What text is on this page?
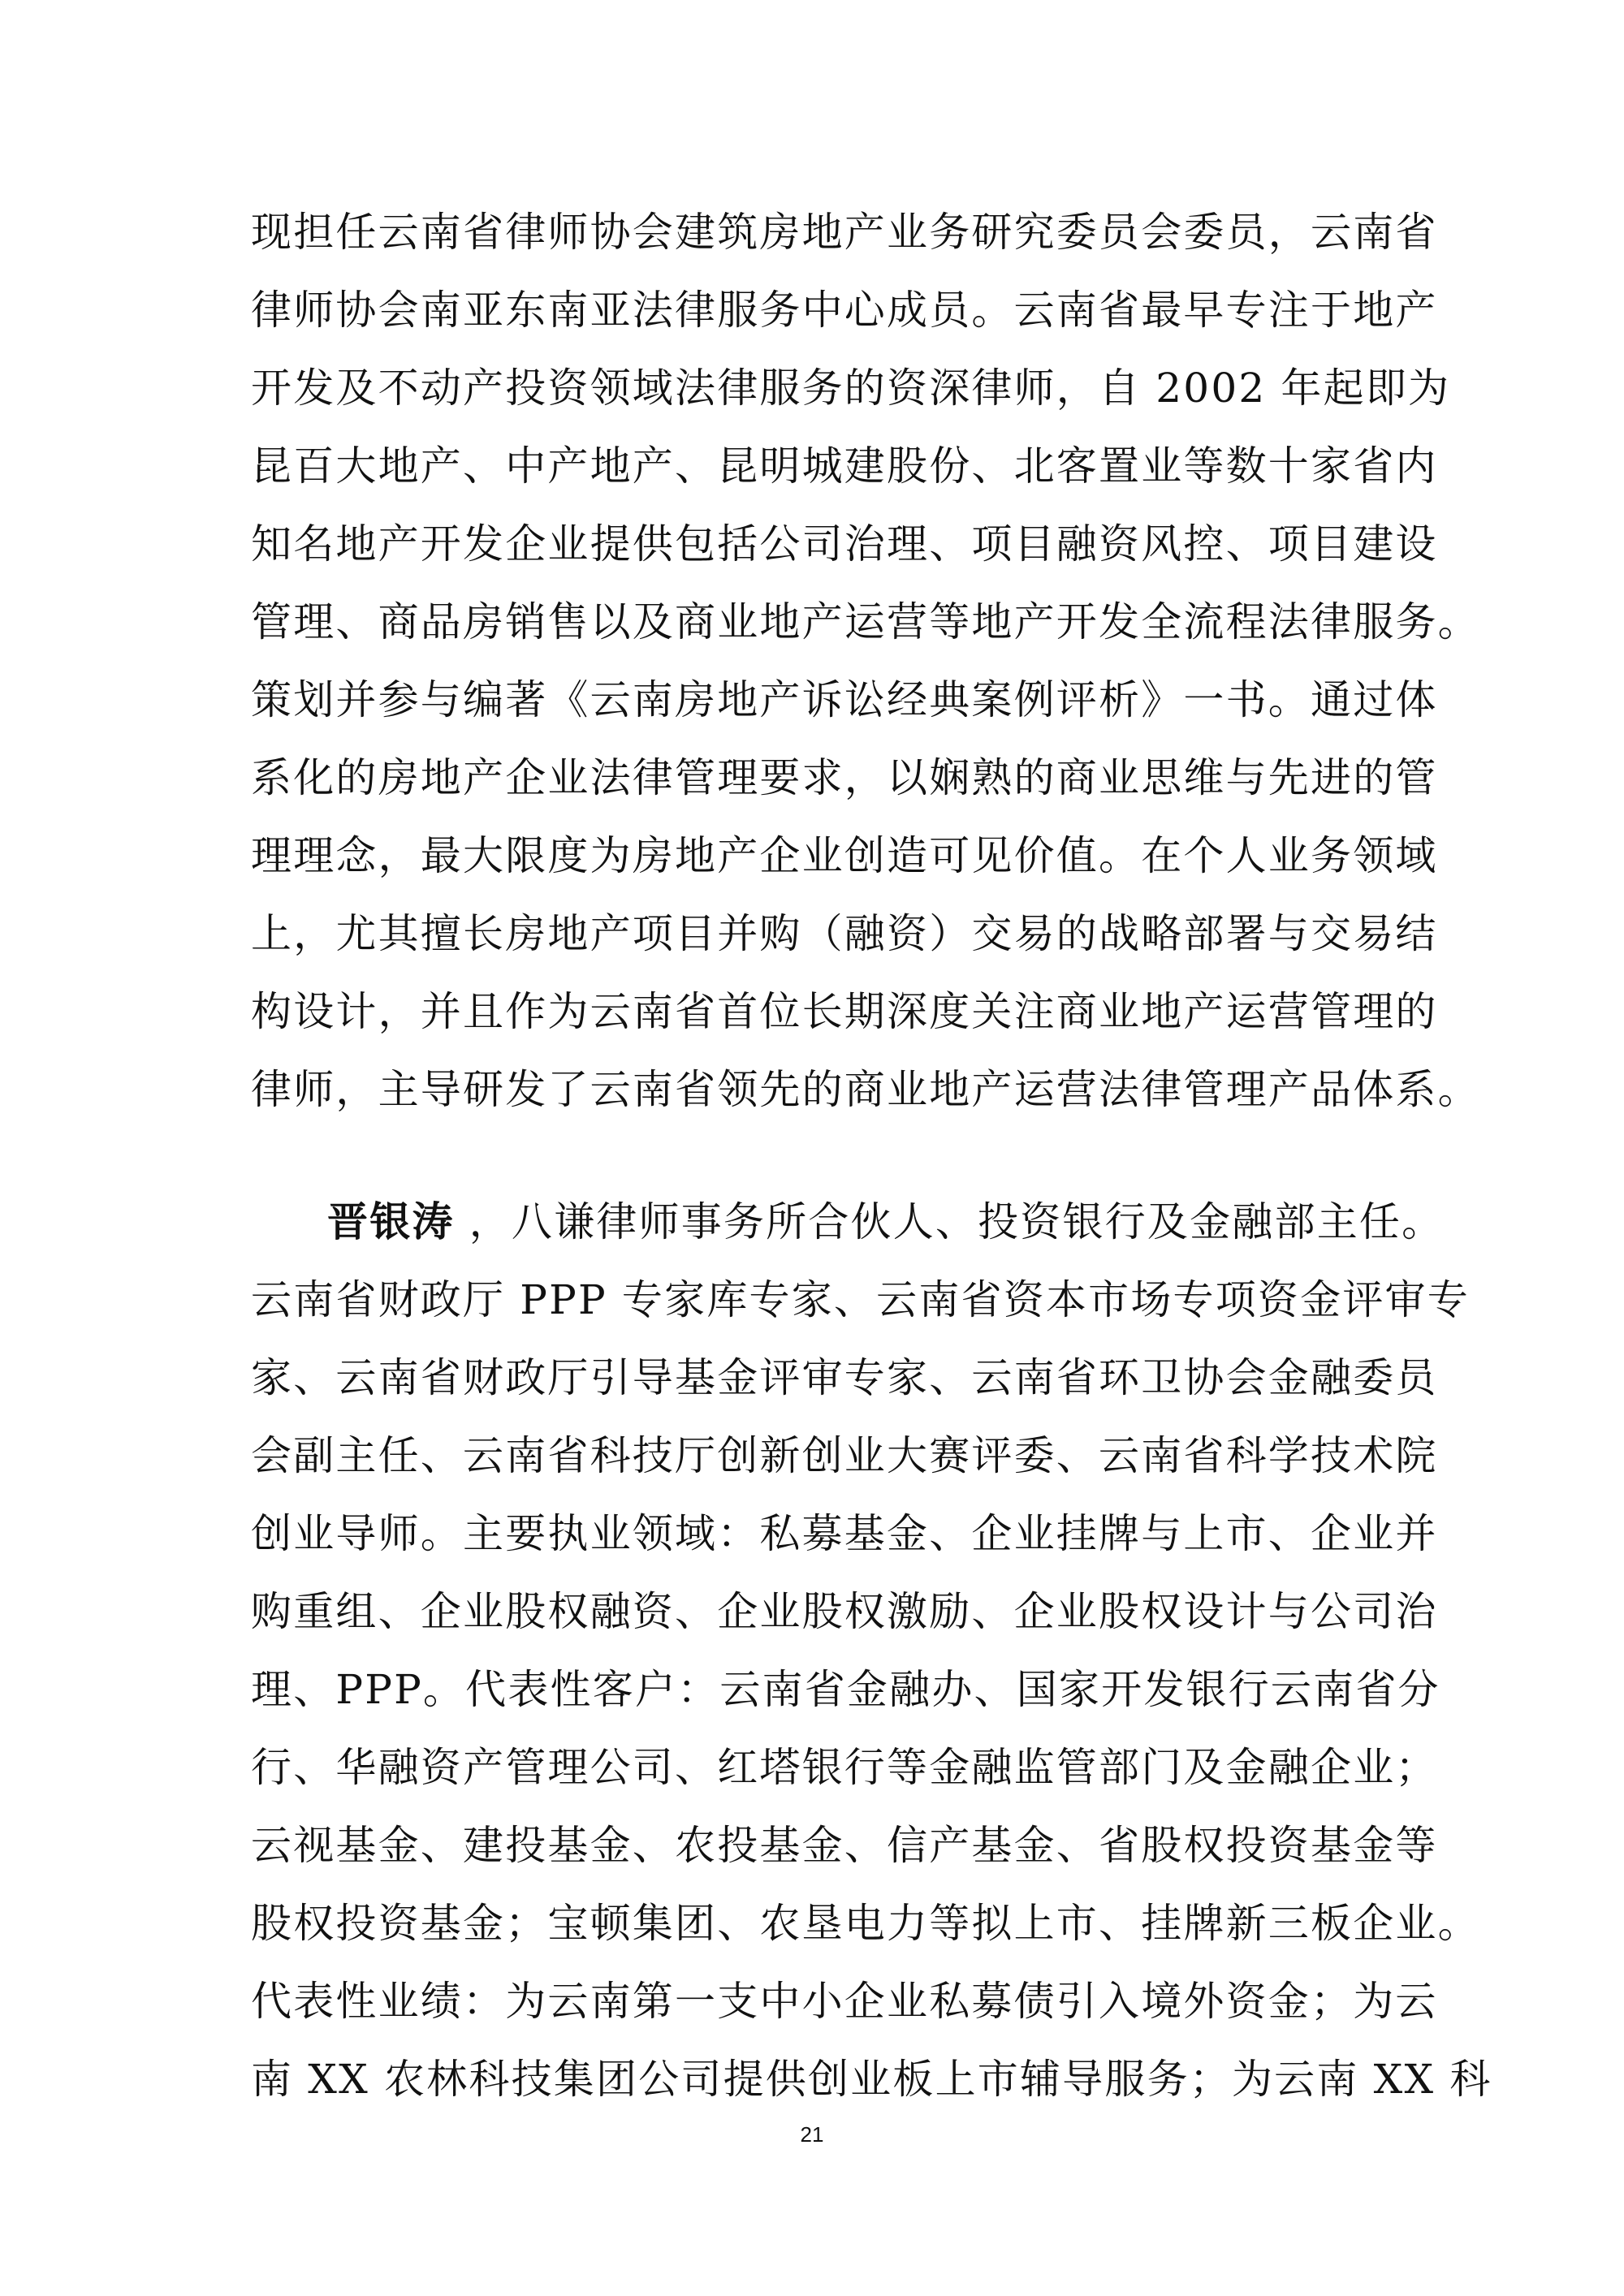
现担任云南省律师协会建筑房地产业务研究委员会委员，云南省
律师协会南亚东南亚法律服务中心成员。云南省最早专注于地产
开发及不动产投资领域法律服务的资深律师，自 2002 年起即为
昆百大地产、中产地产、昆明城建股份、北客置业等数十家省内
知名地产开发企业提供包括公司治理、项目融资风控、项目建设
管理、商品房销售以及商业地产运营等地产开发全流程法律服务。
策划并参与编著《云南房地产诉讼经典案例评析》一书。通过体
系化的房地产企业法律管理要求，以娴熟的商业思维与先进的管
理理念，最大限度为房地产企业创造可见价值。在个人业务领域
上，尤其擅长房地产项目并购（融资）交易的战略部署与交易结
构设计，并且作为云南省首位长期深度关注商业地产运营管理的
律师，主导研发了云南省领先的商业地产运营法律管理产品体系。
晋银涛 ，八谦律师事务所合伙人、投资银行及金融部主任。
云南省财政厅 PPP 专家库专家、云南省资本市场专项资金评审专
家、云南省财政厅引导基金评审专家、云南省环卫协会金融委员
会副主任、云南省科技厅创新创业大赛评委、云南省科学技术院
创业导师。主要执业领域：私募基金、企业挂牌与上市、企业并
购重组、企业股权融资、企业股权激励、企业股权设计与公司治
理、PPP。代表性客户：云南省金融办、国家开发银行云南省分
行、华融资产管理公司、红塔银行等金融监管部门及金融企业；
云视基金、建投基金、农投基金、信产基金、省股权投资基金等
股权投资基金；宝顿集团、农垦电力等拟上市、挂牌新三板企业。
代表性业绩：为云南第一支中小企业私募债引入境外资金；为云
南 XX 农林科技集团公司提供创业板上市辅导服务；为云南 XX 科
21
